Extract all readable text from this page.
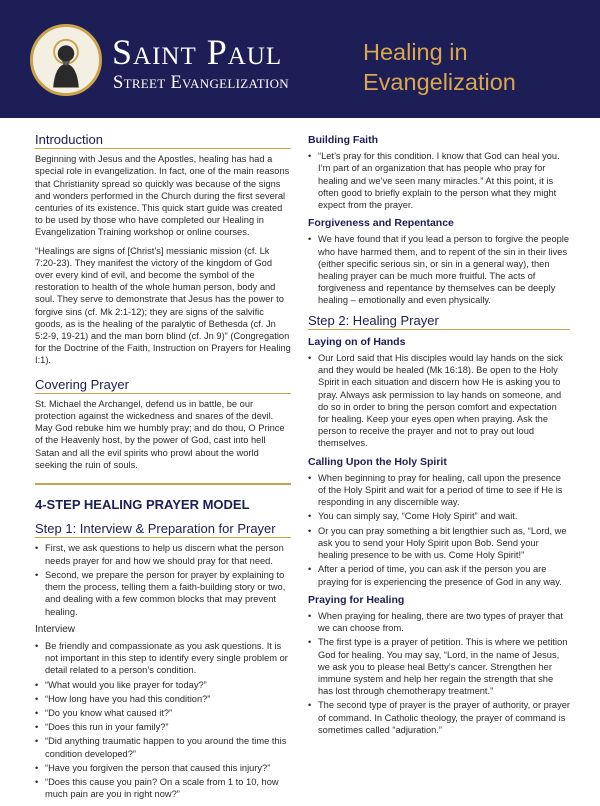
Saint Paul
Street Evangelization
Healing in Evangelization
Introduction

Beginning with Jesus and the Apostles, healing has had a special role in evangelization. In fact, one of the main reasons that Christianity spread so quickly was because of the signs and wonders performed in the Church during the first several centuries of its existence. This quick start guide was created to be used by those who have completed our Healing in Evangelization Training workshop or online courses.

“Healings are signs of [Christ’s] messianic mission (cf. Lk 7:20-23). They manifest the victory of the kingdom of God over every kind of evil, and become the symbol of the restoration to health of the whole human person, body and soul. They serve to demonstrate that Jesus has the power to forgive sins (cf. Mk 2:1-12); they are signs of the salvific goods, as is the healing of the paralytic of Bethesda (cf. Jn 5:2-9, 19-21) and the man born blind (cf. Jn 9)” (Congregation for the Doctrine of the Faith, Instruction on Prayers for Healing I:1).

Covering Prayer

St. Michael the Archangel, defend us in battle, be our protection against the wickedness and snares of the devil. May God rebuke him we humbly pray; and do thou, O Prince of the Heavenly host, by the power of God, cast into hell Satan and all the evil spirits who prowl about the world seeking the ruin of souls.

4-STEP HEALING PRAYER MODEL
Step 1: Interview & Preparation for Prayer
• First, we ask questions to help us discern what the person needs prayer for and how we should pray for that need.
• Second, we prepare the person for prayer by explaining to them the process, telling them a faith-building story or two, and dealing with a few common blocks that may prevent healing.
Interview
• Be friendly and compassionate as you ask questions. It is not important in this step to identify every single problem or detail related to a person’s condition.
• “What would you like prayer for today?”
• “How long have you had this condition?”
• “Do you know what caused it?”
• “Does this run in your family?”
• “Did anything traumatic happen to you around the time this condition developed?”
• “Have you forgiven the person that caused this injury?”
• “Does this cause you pain? On a scale from 1 to 10, how much pain are you in right now?”
Building Faith
• “Let’s pray for this condition. I know that God can heal you. I’m part of an organization that has people who pray for healing and we’ve seen many miracles.” At this point, it is often good to briefly explain to the person what they might expect from the prayer.
Forgiveness and Repentance
• We have found that if you lead a person to forgive the people who have harmed them, and to repent of the sin in their lives (either specific serious sin, or sin in a general way), then healing prayer can be much more fruitful. The acts of forgiveness and repentance by themselves can be deeply healing – emotionally and even physically.
Step 2: Healing Prayer
Laying on of Hands
• Our Lord said that His disciples would lay hands on the sick and they would be healed (Mk 16:18). Be open to the Holy Spirit in each situation and discern how He is asking you to pray. Always ask permission to lay hands on someone, and do so in order to bring the person comfort and expectation for healing. Keep your eyes open when praying. Ask the person to receive the prayer and not to pray out loud themselves.
Calling Upon the Holy Spirit
• When beginning to pray for healing, call upon the presence of the Holy Spirit and wait for a period of time to see if He is responding in any discernible way.
• You can simply say, “Come Holy Spirit” and wait.
• Or you can pray something a bit lengthier such as, “Lord, we ask you to send your Holy Spirit upon Bob. Send your healing presence to be with us. Come Holy Spirit!”
• After a period of time, you can ask if the person you are praying for is experiencing the presence of God in any way.
Praying for Healing
• When praying for healing, there are two types of prayer that we can choose from.
• The first type is a prayer of petition. This is where we petition God for healing. You may say, “Lord, in the name of Jesus, we ask you to please heal Betty’s cancer. Strengthen her immune system and help her regain the strength that she has lost through chemotherapy treatment.”
• The second type of prayer is the prayer of authority, or prayer of command. In Catholic theology, the prayer of command is sometimes called “adjuration.”
